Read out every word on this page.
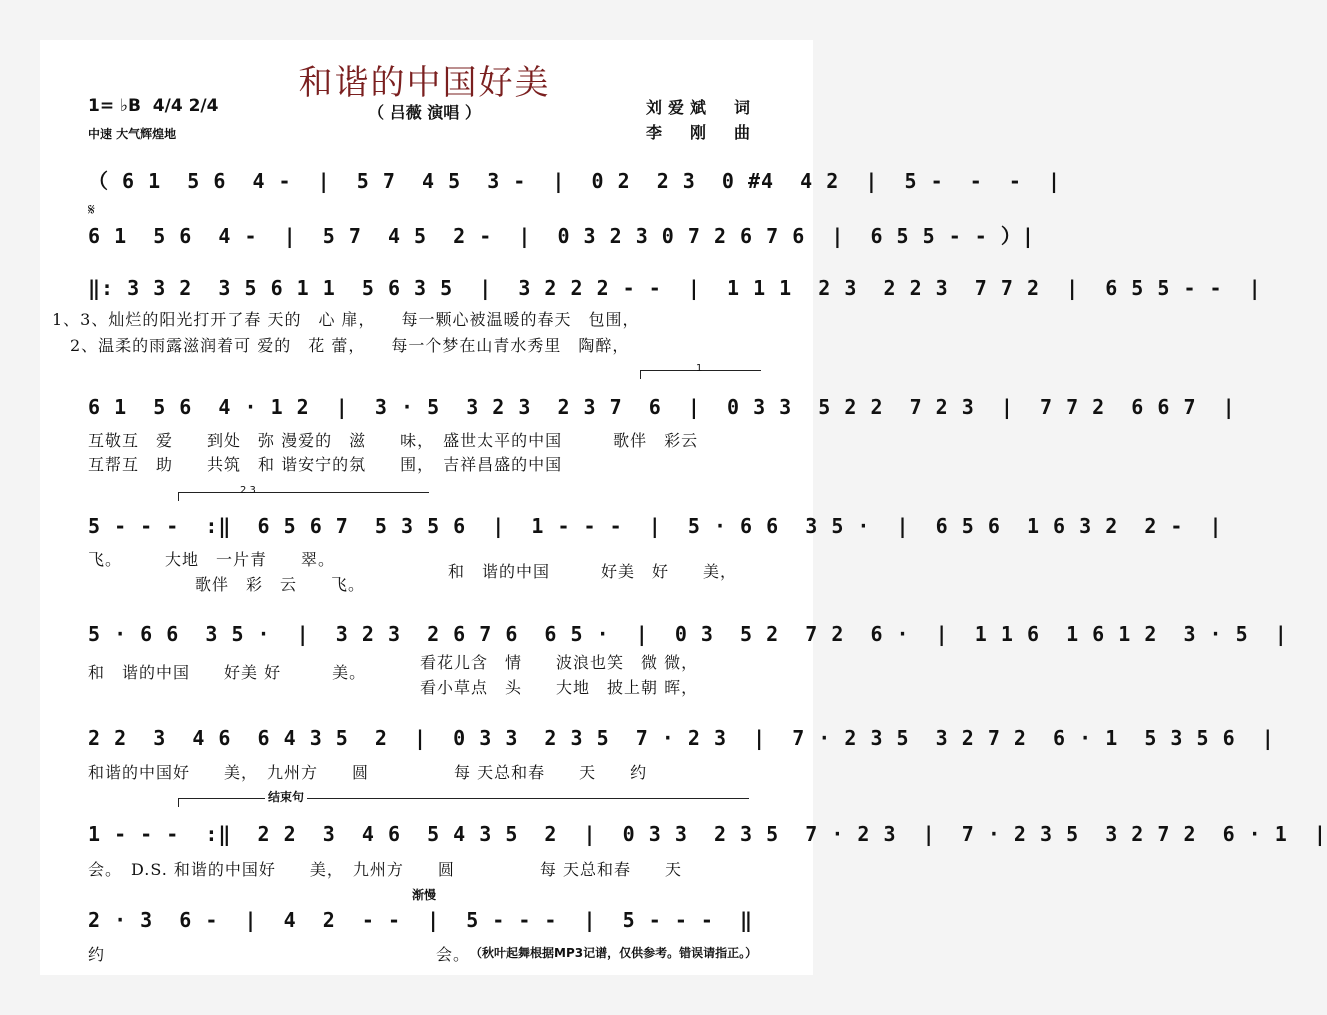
和谐的中国好美
（ 吕薇 演唱 ）	刘爱斌　词
李　刚　曲
1= ♭B  4/4 2/4
中速 大气辉煌地
（ 6 1  5 6  4 -  |  5 7  4 5  3 -  |  0 2  2 3  0 #4  4 2  |  5 -  -  -  |
𝄋
6 1  5 6  4 -  |  5 7  4 5  2 -  |  0 3 2 3 0 7 2 6 7 6  |  6 5 5 - - ）|
‖: 3 3 2  3 5 6 1 1  5 6 3 5  |  3 2 2 2 - -  |  1 1 1  2 3  2 2 3  7 7 2  |  6 5 5 - -  |
1、3、灿烂的阳光打开了春 天的　心 扉，　　每一颗心被温暖的春天　包围，
2、温柔的雨露滋润着可 爱的　花 蕾，　　每一个梦在山青水秀里　陶醉，
1
6 1  5 6  4 · 1 2  |  3 · 5  3 2 3  2 3 7  6  |  0 3 3  5 2 2  7 2 3  |  7 7 2  6 6 7  |
互敬互　爱　　到处　弥 漫爱的　滋　　味，　盛世太平的中国　　　歌伴　彩云
互帮互　助　　共筑　和 谐安宁的氛　　围，　吉祥昌盛的中国
2 3
5 - - -  :‖  6 5 6 7  5 3 5 6  |  1 - - -  |  5 · 6 6  3 5 ·  |  6 5 6  1 6 3 2  2 -  |
飞。　　　大地　一片青　　翠。
歌伴　彩　云　　飞。
和　谐的中国　　　好美　好　　美，
5 · 6 6  3 5 ·  |  3 2 3  2 6 7 6  6 5 ·  |  0 3  5 2  7 2  6 ·  |  1 1 6  1 6 1 2  3 · 5  |
和　谐的中国　　好美 好　　　美。
看花儿含　情　　波浪也笑　微 微，
看小草点　头　　大地　披上朝 晖，
2 2  3  4 6  6 4 3 5  2  |  0 3 3  2 3 5  7 · 2 3  |  7 · 2 3 5  3 2 7 2  6 · 1  5 3 5 6  |
和谐的中国好　　美，　九州方　　圆　　　　　每 天总和春　　天　　约
结束句
1 - - -  :‖  2 2  3  4 6  5 4 3 5  2  |  0 3 3  2 3 5  7 · 2 3  |  7 · 2 3 5  3 2 7 2  6 · 1  |
会。　D.S. 和谐的中国好　　美，　九州方　　圆　　　　　每 天总和春　　天
渐慢
2 · 3  6 -  |  4  2  - -  |  5 - - -  |  5 - - -  ‖
约	会。 （秋叶起舞根据MP3记谱，仅供参考。错误请指正。）
